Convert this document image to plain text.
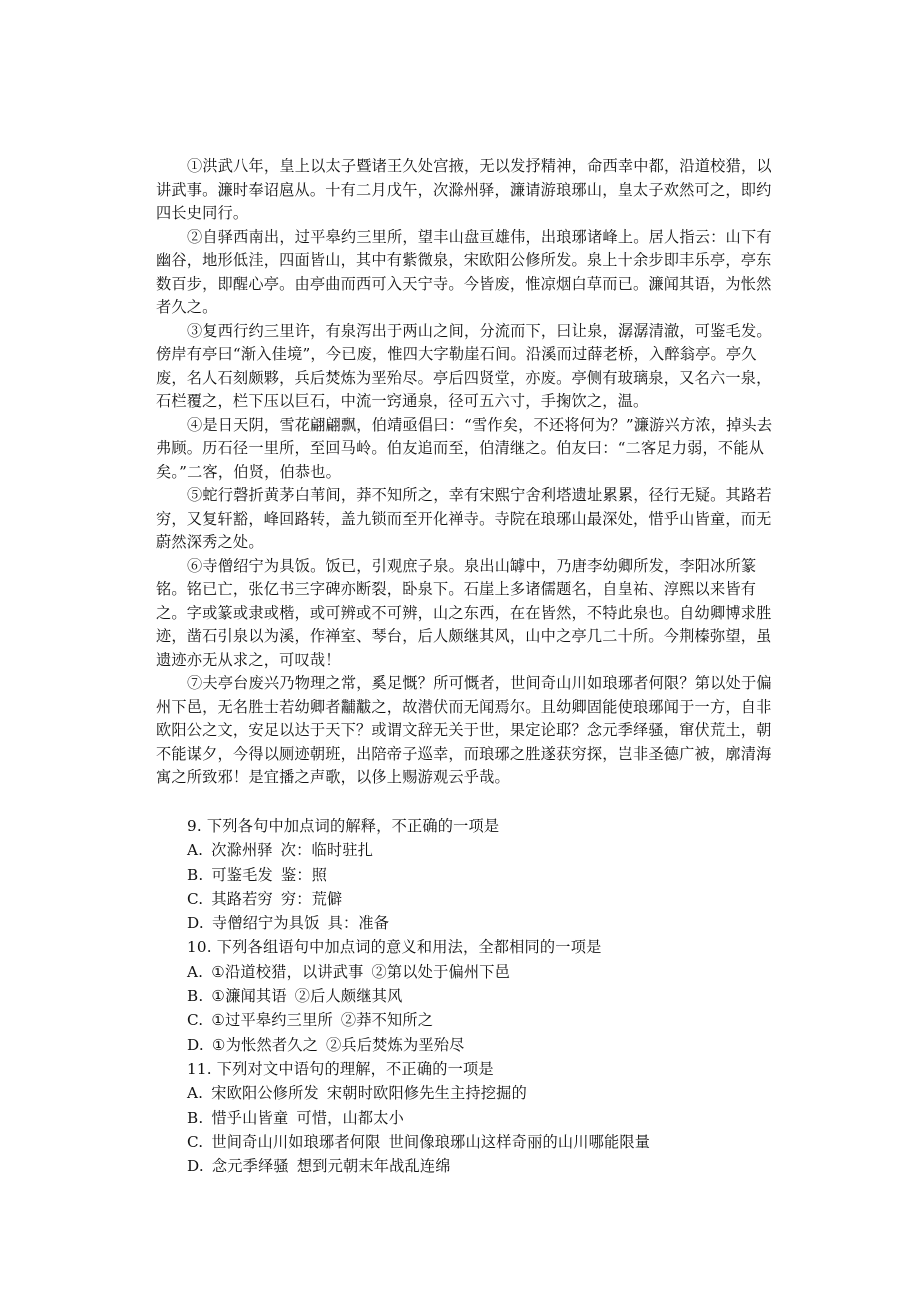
①洪武八年，皇上以太子暨诸王久处宫掖，无以发抒精神，命西幸中都，沿道校猎，以讲武事。濂时奉诏扈从。十有二月戊午，次滁州驿，濂请游琅琊山，皇太子欢然可之，即约四长史同行。

②自驿西南出，过平皋约三里所，望丰山盘亘雄伟，出琅琊诸峰上。居人指云：山下有幽谷，地形低洼，四面皆山，其中有紫微泉，宋欧阳公修所发。泉上十余步即丰乐亭，亭东数百步，即醒心亭。由亭曲而西可入天宁寺。今皆废，惟凉烟白草而已。濂闻其语，为怅然者久之。

③复西行约三里许，有泉泻出于两山之间，分流而下，曰让泉，潺潺清澈，可鉴毛发。傍岸有亭曰“渐入佳境”，今已废，惟四大字勒崖石间。沿溪而过薛老桥，入醉翁亭。亭久废，名人石刻颇夥，兵后焚炼为垩殆尽。亭后四贤堂，亦废。亭侧有玻璃泉，又名六一泉，石栏覆之，栏下压以巨石，中流一窍通泉，径可五六寸，手掬饮之，温。

④是日天阴，雪花翩翩飘，伯靖亟倡曰：“雪作矣，不还将何为？”濂游兴方浓，掉头去弗顾。历石径一里所，至回马岭。伯友追而至，伯清继之。伯友曰：“二客足力弱，不能从矣。”二客，伯贤，伯恭也。

⑤蛇行磬折黄茅白苇间，莽不知所之，幸有宋熙宁舍利塔遗址累累，径行无疑。其路若穷，又复轩豁，峰回路转，盖九锁而至开化禅寺。寺院在琅琊山最深处，惜乎山皆童，而无蔚然深秀之处。

⑥寺僧绍宁为具饭。饭已，引观庶子泉。泉出山罅中，乃唐李幼卿所发，李阳冰所篆铭。铭已亡，张亿书三字碑亦断裂，卧泉下。石崖上多诸儒题名，自皇祐、淳熙以来皆有之。字或篆或隶或楷，或可辨或不可辨，山之东西，在在皆然，不特此泉也。自幼卿博求胜迹，凿石引泉以为溪，作禅室、琴台，后人颇继其风，山中之亭几二十所。今荆榛弥望，虽遗迹亦无从求之，可叹哉！

⑦夫亭台废兴乃物理之常，奚足慨？所可慨者，世间奇山川如琅琊者何限？第以处于偏州下邑，无名胜士若幼卿者黼黻之，故潜伏而无闻焉尔。且幼卿固能使琅琊闻于一方，自非欧阳公之文，安足以达于天下？或谓文辞无关于世，果定论耶？念元季绎骚，窜伏荒土，朝不能谋夕，今得以厕迹朝班，出陪帝子巡幸，而琅琊之胜遂获穷探，岂非圣德广被，廓清海寓之所致邪！是宜播之声歌，以侈上赐游观云乎哉。

9. 下列各句中加点词的解释，不正确的一项是

A. 次滁州驿 次：临时驻扎

B. 可鉴毛发 鉴：照

C. 其路若穷 穷：荒僻

D. 寺僧绍宁为具饭 具：准备

10. 下列各组语句中加点词的意义和用法，全都相同的一项是

A. ①沿道校猎，以讲武事 ②第以处于偏州下邑

B. ①濂闻其语 ②后人颇继其风

C. ①过平皋约三里所 ②莽不知所之

D. ①为怅然者久之 ②兵后焚炼为垩殆尽

11. 下列对文中语句的理解，不正确的一项是

A. 宋欧阳公修所发 宋朝时欧阳修先生主持挖掘的

B. 惜乎山皆童 可惜，山都太小

C. 世间奇山川如琅琊者何限 世间像琅琊山这样奇丽的山川哪能限量

D. 念元季绎骚 想到元朝末年战乱连绵
